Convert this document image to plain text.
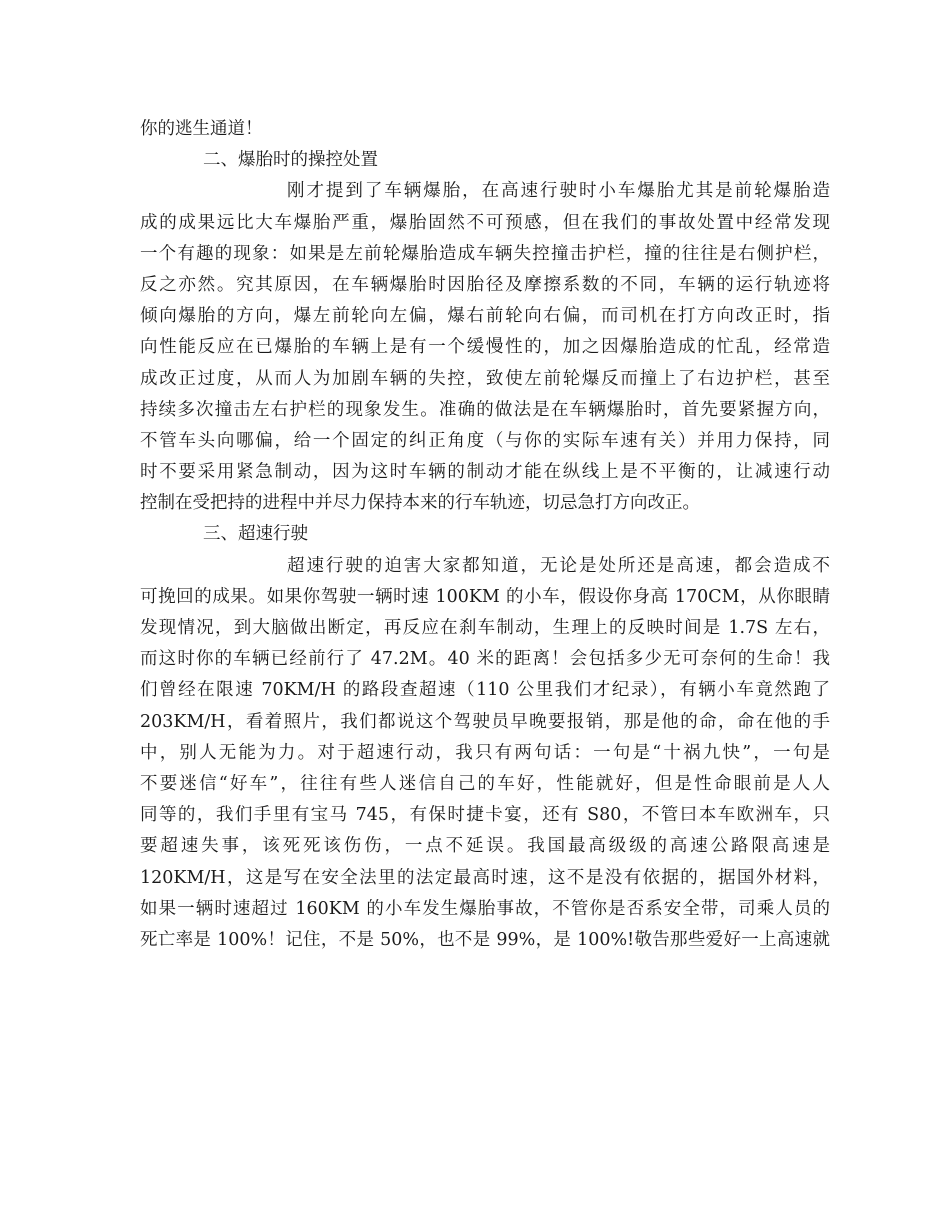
你的逃生通道！
二、爆胎时的操控处置
刚才提到了车辆爆胎，在高速行驶时小车爆胎尤其是前轮爆胎造
成的成果远比大车爆胎严重，爆胎固然不可预感，但在我们的事故处置中经常发现
一个有趣的现象：如果是左前轮爆胎造成车辆失控撞击护栏，撞的往往是右侧护栏，
反之亦然。究其原因，在车辆爆胎时因胎径及摩擦系数的不同，车辆的运行轨迹将
倾向爆胎的方向，爆左前轮向左偏，爆右前轮向右偏，而司机在打方向改正时，指
向性能反应在已爆胎的车辆上是有一个缓慢性的，加之因爆胎造成的忙乱，经常造
成改正过度，从而人为加剧车辆的失控，致使左前轮爆反而撞上了右边护栏，甚至
持续多次撞击左右护栏的现象发生。准确的做法是在车辆爆胎时，首先要紧握方向，
不管车头向哪偏，给一个固定的纠正角度（与你的实际车速有关）并用力保持，同
时不要采用紧急制动，因为这时车辆的制动才能在纵线上是不平衡的，让减速行动
控制在受把持的进程中并尽力保持本来的行车轨迹，切忌急打方向改正。
三、超速行驶
超速行驶的迫害大家都知道，无论是处所还是高速，都会造成不
可挽回的成果。如果你驾驶一辆时速 100KM 的小车，假设你身高 170CM，从你眼睛
发现情况，到大脑做出断定，再反应在刹车制动，生理上的反映时间是 1.7S 左右，
而这时你的车辆已经前行了 47.2M。40 米的距离！会包括多少无可奈何的生命！我
们曾经在限速 70KM/H 的路段查超速（110 公里我们才纪录），有辆小车竟然跑了
203KM/H，看着照片，我们都说这个驾驶员早晚要报销，那是他的命，命在他的手
中，别人无能为力。对于超速行动，我只有两句话：一句是“十祸九快”，一句是
不要迷信“好车”，往往有些人迷信自己的车好，性能就好，但是性命眼前是人人
同等的，我们手里有宝马 745，有保时捷卡宴，还有 S80，不管曰本车欧洲车，只
要超速失事，该死死该伤伤，一点不延误。我国最高级级的高速公路限高速是
120KM/H，这是写在安全法里的法定最高时速，这不是没有依据的，据国外材料，
如果一辆时速超过 160KM 的小车发生爆胎事故，不管你是否系安全带，司乘人员的
死亡率是 100%！记住，不是 50%，也不是 99%，是 100%!敬告那些爱好一上高速就
